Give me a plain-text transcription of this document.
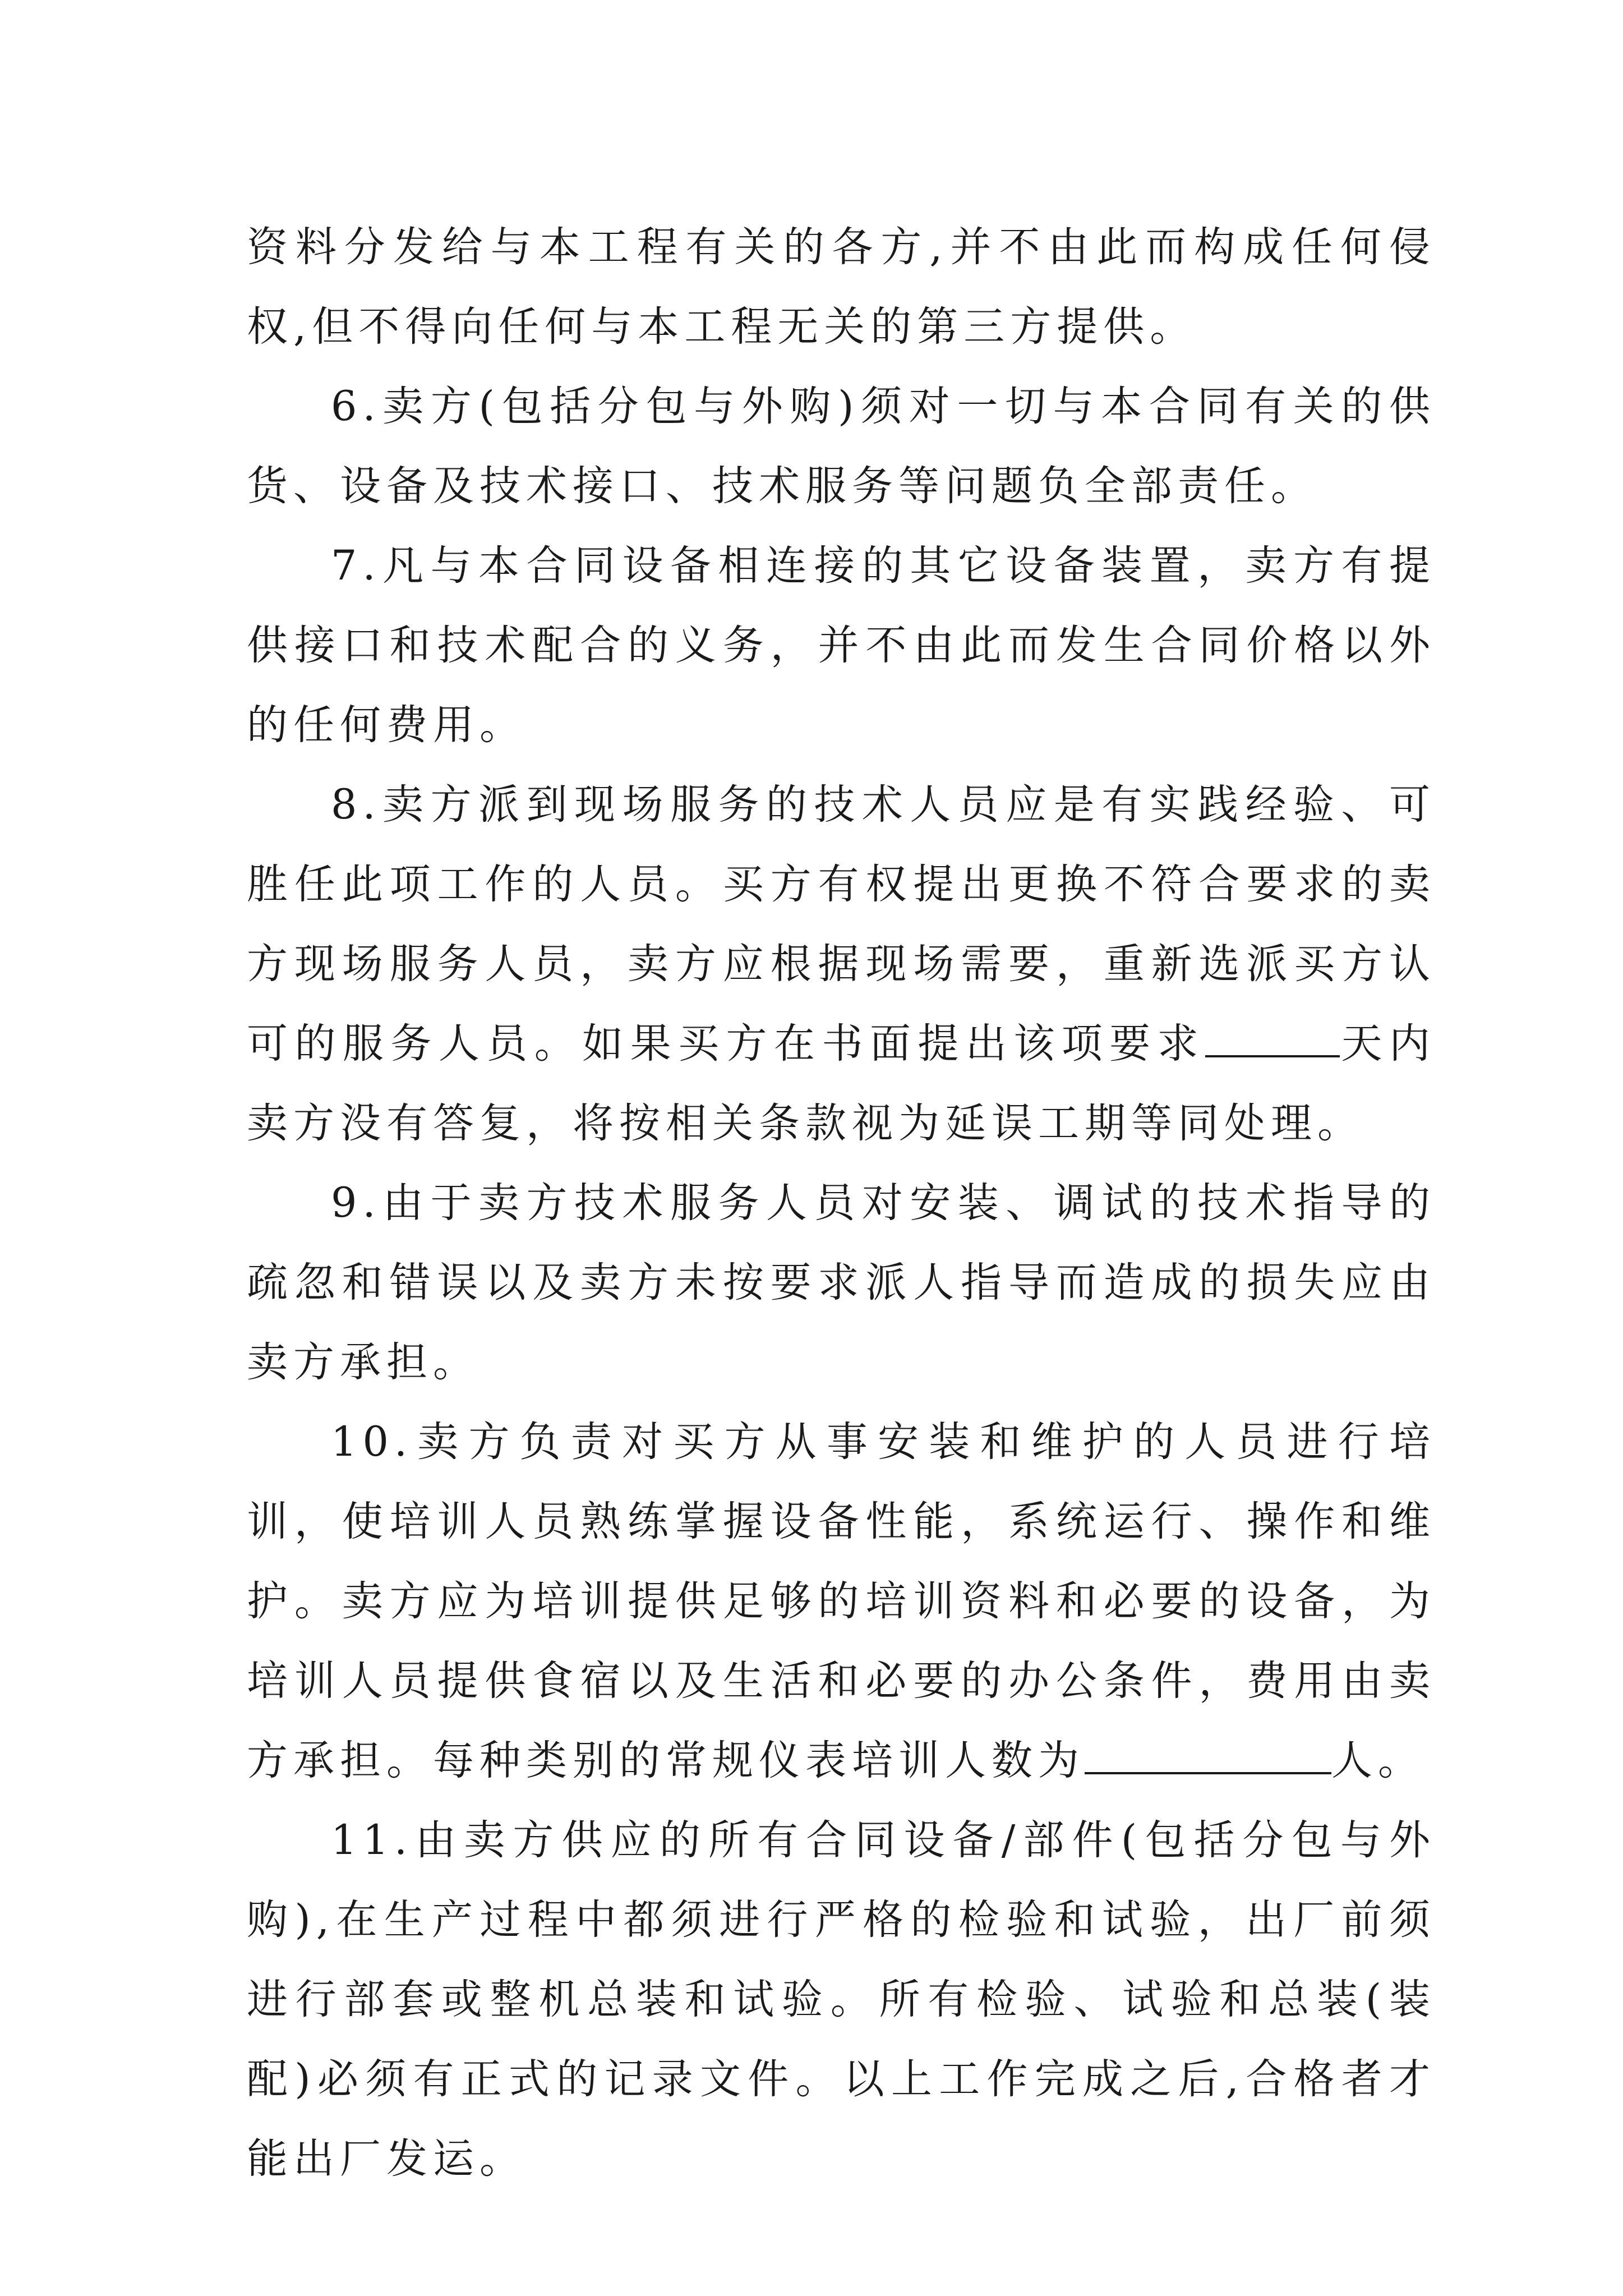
资料分发给与本工程有关的各方,并不由此而构成任何侵权,但不得向任何与本工程无关的第三方提供。

6.卖方(包括分包与外购)须对一切与本合同有关的供货、设备及技术接口、技术服务等问题负全部责任。

7.凡与本合同设备相连接的其它设备装置，卖方有提供接口和技术配合的义务，并不由此而发生合同价格以外的任何费用。

8.卖方派到现场服务的技术人员应是有实践经验、可胜任此项工作的人员。买方有权提出更换不符合要求的卖方现场服务人员，卖方应根据现场需要，重新选派买方认可的服务人员。如果买方在书面提出该项要求	天内卖方没有答复，将按相关条款视为延误工期等同处理。

9.由于卖方技术服务人员对安装、调试的技术指导的疏忽和错误以及卖方未按要求派人指导而造成的损失应由卖方承担。

10.卖方负责对买方从事安装和维护的人员进行培训，使培训人员熟练掌握设备性能，系统运行、操作和维护。卖方应为培训提供足够的培训资料和必要的设备，为培训人员提供食宿以及生活和必要的办公条件，费用由卖方承担。每种类别的常规仪表培训人数为	人。

11.由卖方供应的所有合同设备/部件(包括分包与外购),在生产过程中都须进行严格的检验和试验，出厂前须进行部套或整机总装和试验。所有检验、试验和总装(装配)必须有正式的记录文件。以上工作完成之后,合格者才能出厂发运。
